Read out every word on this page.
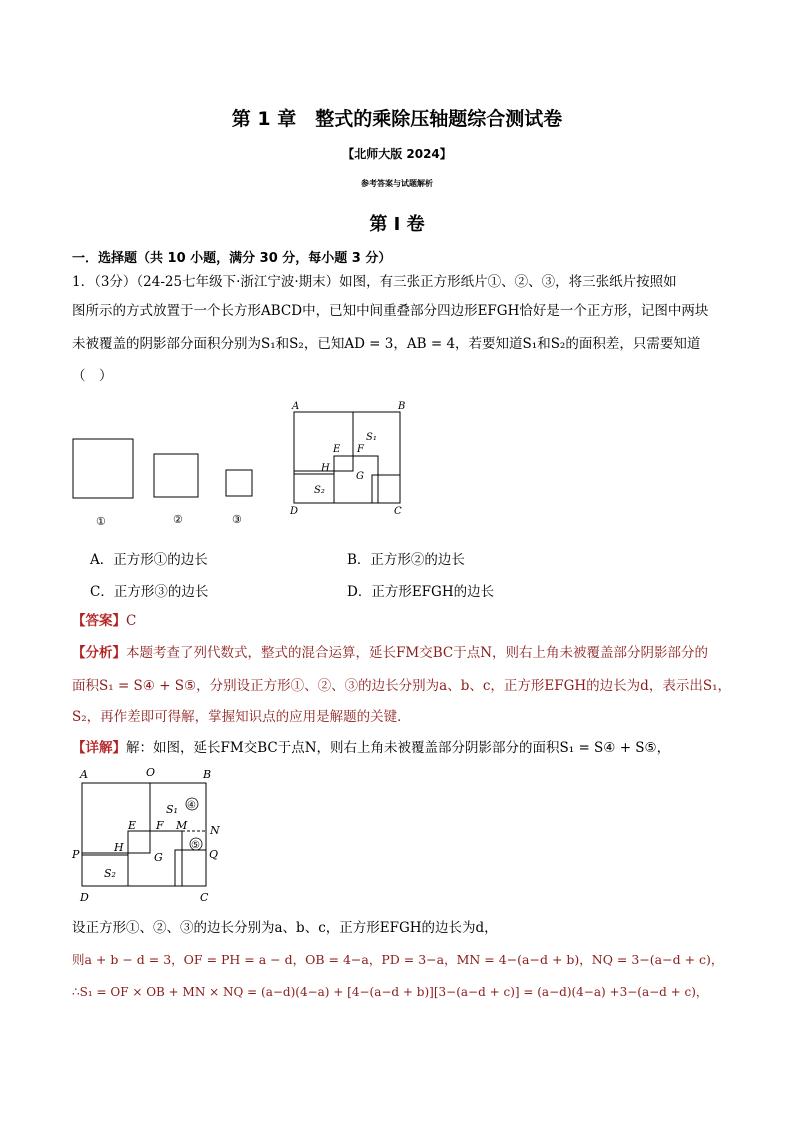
第 1 章　整式的乘除压轴题综合测试卷
【北师大版 2024】
参考答案与试题解析
第 I 卷
一．选择题（共 10 小题，满分 30 分，每小题 3 分）
1．（3分）（24-25七年级下·浙江宁波·期末）如图，有三张正方形纸片①、②、③，将三张纸片按照如
图所示的方式放置于一个长方形ABCD中，已知中间重叠部分四边形EFGH恰好是一个正方形，记图中两块
未被覆盖的阴影部分面积分别为S₁和S₂，已知AD = 3，AB = 4，若要知道S₁和S₂的面积差，只需要知道
（　）
①	②	③
A	B
D	C
E F
G
H
S₁
S₂
A．正方形①的边长	B．正方形②的边长
C．正方形③的边长	D．正方形EFGH的边长
【答案】C
【分析】本题考查了列代数式，整式的混合运算，延长FM交BC于点N，则右上角未被覆盖部分阴影部分的
面积S₁ = S④ + S⑤，分别设正方形①、②、③的边长分别为a、b、c，正方形EFGH的边长为d，表示出S₁，
S₂，再作差即可得解，掌握知识点的应用是解题的关键．
【详解】解：如图，延长FM交BC于点N，则右上角未被覆盖部分阴影部分的面积S₁ = S④ + S⑤，
A	O	B
S₁ ④
E F M N
P
H	⑤
Q
G
S₂
D	C
设正方形①、②、③的边长分别为a、b、c，正方形EFGH的边长为d，
则a + b − d = 3，OF = PH = a − d，OB = 4−a，PD = 3−a，MN = 4−(a−d + b)，NQ = 3−(a−d + c)，
∴S₁ = OF × OB + MN × NQ = (a−d)(4−a) + [4−(a−d + b)][3−(a−d + c)] = (a−d)(4−a) +3−(a−d + c)，
